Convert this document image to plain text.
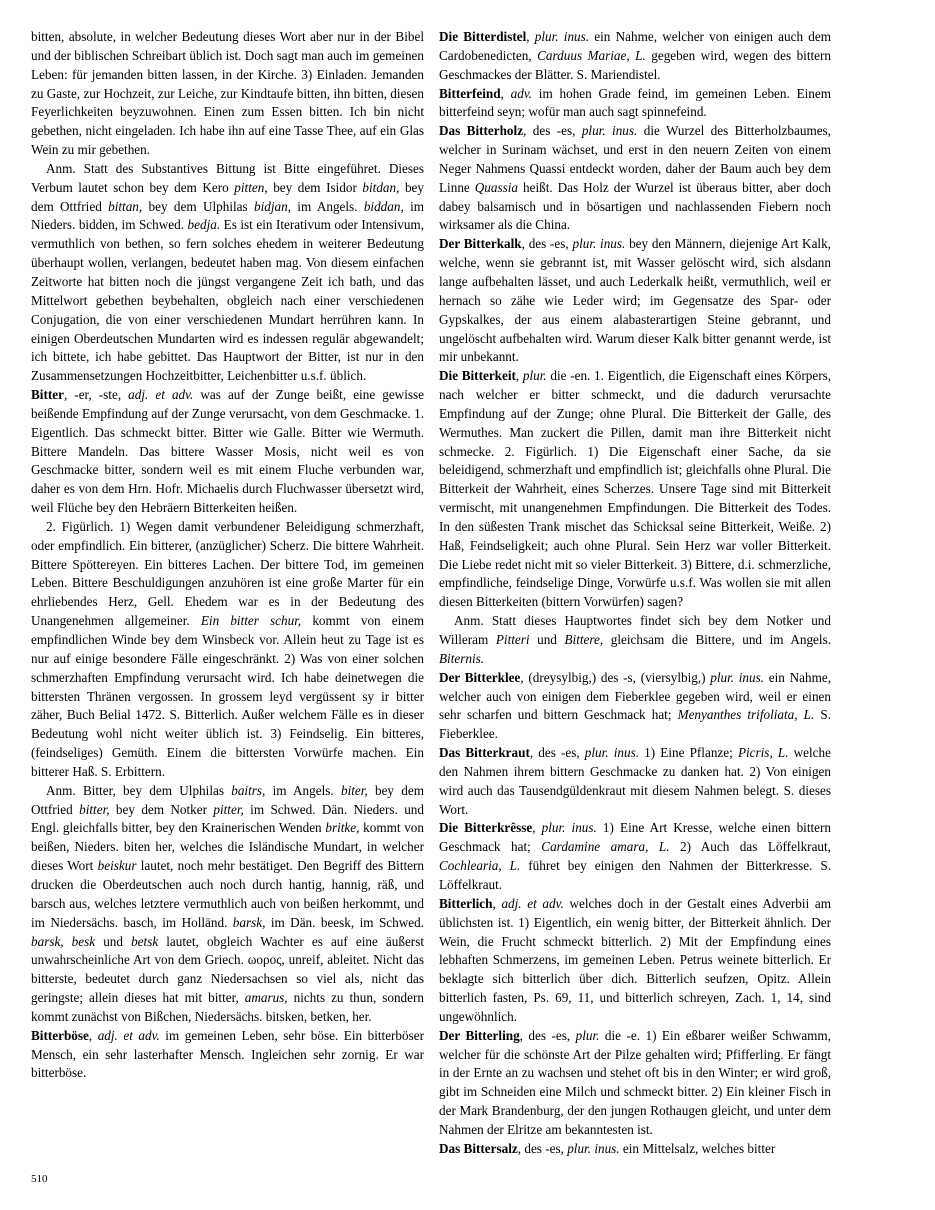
bitten, absolute, in welcher Bedeutung dieses Wort aber nur in der Bibel und der biblischen Schreibart üblich ist. Doch sagt man auch im gemeinen Leben: für jemanden bitten lassen, in der Kirche. 3) Einladen. Jemanden zu Gaste, zur Hochzeit, zur Leiche, zur Kindtaufe bitten, ihn bitten, diesen Feyerlichkeiten beyzuwohnen. Einen zum Essen bitten. Ich bin nicht gebethen, nicht eingeladen. Ich habe ihn auf eine Tasse Thee, auf ein Glas Wein zu mir gebethen.
Anm. Statt des Substantives Bittung ist Bitte eingeführet. Dieses Verbum lautet schon bey dem Kero pitten, bey dem Isidor bitdan, bey dem Ottfried bittan, bey dem Ulphilas bidjan, im Angels. biddan, im Nieders. bidden, im Schwed. bedja. Es ist ein Iterativum oder Intensivum, vermuthlich von bethen, so fern solches ehedem in weiterer Bedeutung überhaupt wollen, verlangen, bedeutet haben mag. Von diesem einfachen Zeitworte hat bitten noch die jüngst vergangene Zeit ich bath, und das Mittelwort gebethen beybehalten, obgleich nach einer verschiedenen Conjugation, die von einer verschiedenen Mundart herrühren kann. In einigen Oberdeutschen Mundarten wird es indessen regulär abgewandelt; ich bittete, ich habe gebittet. Das Hauptwort der Bitter, ist nur in den Zusammensetzungen Hochzeitbitter, Leichenbitter u.s.f. üblich.
Bitter, -er, -ste, adj. et adv. was auf der Zunge beißt, eine gewisse beißende Empfindung auf der Zunge verursacht, von dem Geschmacke. 1. Eigentlich. Das schmeckt bitter. Bitter wie Galle. Bitter wie Wermuth. Bittere Mandeln. Das bittere Wasser Mosis, nicht weil es von Geschmacke bitter, sondern weil es mit einem Fluche verbunden war, daher es von dem Hrn. Hofr. Michaelis durch Fluchwasser übersetzt wird, weil Flüche bey den Hebräern Bitterkeiten heißen.
2. Figürlich. 1) Wegen damit verbundener Beleidigung schmerzhaft, oder empfindlich. Ein bitterer, (anzüglicher) Scherz. Die bittere Wahrheit. Bittere Spöttereyen. Ein bitteres Lachen. Der bittere Tod, im gemeinen Leben. Bittere Beschuldigungen anzuhören ist eine große Marter für ein ehrliebendes Herz, Gell. Ehedem war es in der Bedeutung des Unangenehmen allgemeiner. Ein bitter schur, kommt von einem empfindlichen Winde bey dem Winsbeck vor. Allein heut zu Tage ist es nur auf einige besondere Fälle eingeschränkt. 2) Was von einer solchen schmerzhaften Empfindung verursacht wird. Ich habe deinetwegen die bittersten Thränen vergossen. In grossem leyd vergüssent sy ir bitter zäher, Buch Belial 1472. S. Bitterlich. Außer welchem Fälle es in dieser Bedeutung wohl nicht weiter üblich ist. 3) Feindselig. Ein bitteres, (feindseliges) Gemüth. Einem die bittersten Vorwürfe machen. Ein bitterer Haß. S. Erbittern.
Anm. Bitter, bey dem Ulphilas baitrs, im Angels. biter, bey dem Ottfried bitter, bey dem Notker pitter, im Schwed. Dän. Nieders. und Engl. gleichfalls bitter, bey den Krainerischen Wenden britke, kommt von beißen, Nieders. biten her, welches die Isländische Mundart, in welcher dieses Wort beiskur lautet, noch mehr bestätiget. Den Begriff des Bittern drucken die Oberdeutschen auch noch durch hantig, hannig, räß, und barsch aus, welches letztere vermuthlich auch von beißen herkommt, und im Niedersächs. basch, im Holländ. barsk, im Dän. beesk, im Schwed. barsk, besk und betsk lautet, obgleich Wachter es auf eine äußerst unwahrscheinliche Art von dem Griech. ωορος, unreif, ableitet. Nicht das bitterste, bedeutet durch ganz Niedersachsen so viel als, nicht das geringste; allein dieses hat mit bitter, amarus, nichts zu thun, sondern kommt zunächst von Bißchen, Niedersächs. bitsken, betken, her.
Bitterböse, adj. et adv. im gemeinen Leben, sehr böse. Ein bitterböser Mensch, ein sehr lasterhafter Mensch. Ingleichen sehr zornig. Er war bitterböse.
Die Bitterdistel, plur. inus. ein Nahme, welcher von einigen auch dem Cardobenedicten, Carduus Mariae, L. gegeben wird, wegen des bittern Geschmackes der Blätter. S. Mariendistel.
Bitterfeind, adv. im hohen Grade feind, im gemeinen Leben. Einem bitterfeind seyn; wofür man auch sagt spinnefeind.
Das Bitterholz, des -es, plur. inus. die Wurzel des Bitterholzbaumes, welcher in Surinam wächset, und erst in den neuern Zeiten von einem Neger Nahmens Quassi entdeckt worden, daher der Baum auch bey dem Linne Quassia heißt. Das Holz der Wurzel ist überaus bitter, aber doch dabey balsamisch und in bösartigen und nachlassenden Fiebern noch wirksamer als die China.
Der Bitterkalk, des -es, plur. inus. bey den Männern, diejenige Art Kalk, welche, wenn sie gebrannt ist, mit Wasser gelöscht wird, sich alsdann lange aufbehalten lässet, und auch Lederkalk heißt, vermuthlich, weil er hernach so zähe wie Leder wird; im Gegensatze des Spar- oder Gypskalkes, der aus einem alabasterartigen Steine gebrannt, und ungelöscht aufbehalten wird. Warum dieser Kalk bitter genannt werde, ist mir unbekannt.
Die Bitterkeit, plur. die -en. 1. Eigentlich, die Eigenschaft eines Körpers, nach welcher er bitter schmeckt, und die dadurch verursachte Empfindung auf der Zunge; ohne Plural. Die Bitterkeit der Galle, des Wermuthes. Man zuckert die Pillen, damit man ihre Bitterkeit nicht schmecke. 2. Figürlich. 1) Die Eigenschaft einer Sache, da sie beleidigend, schmerzhaft und empfindlich ist; gleichfalls ohne Plural. Die Bitterkeit der Wahrheit, eines Scherzes. Unsere Tage sind mit Bitterkeit vermischt, mit unangenehmen Empfindungen. Die Bitterkeit des Todes. In den süßesten Trank mischet das Schicksal seine Bitterkeit, Weiße. 2) Haß, Feindseligkeit; auch ohne Plural. Sein Herz war voller Bitterkeit. Die Liebe redet nicht mit so vieler Bitterkeit. 3) Bittere, d.i. schmerzliche, empfindliche, feindselige Dinge, Vorwürfe u.s.f. Was wollen sie mit allen diesen Bitterkeiten (bittern Vorwürfen) sagen?
Anm. Statt dieses Hauptwortes findet sich bey dem Notker und Willeram Pitteri und Bittere, gleichsam die Bittere, und im Angels. Biternis.
Der Bitterklee, (dreysylbig,) des -s, (viersylbig,) plur. inus. ein Nahme, welcher auch von einigen dem Fieberklee gegeben wird, weil er einen sehr scharfen und bittern Geschmack hat; Menyanthes trifoliata, L. S. Fieberklee.
Das Bitterkraut, des -es, plur. inus. 1) Eine Pflanze; Picris, L. welche den Nahmen ihrem bittern Geschmacke zu danken hat. 2) Von einigen wird auch das Tausendgüldenkraut mit diesem Nahmen belegt. S. dieses Wort.
Die Bitterkrêsse, plur. inus. 1) Eine Art Kresse, welche einen bittern Geschmack hat; Cardamine amara, L. 2) Auch das Löffelkraut, Cochlearia, L. führet bey einigen den Nahmen der Bitterkresse. S. Löffelkraut.
Bitterlich, adj. et adv. welches doch in der Gestalt eines Adverbii am üblichsten ist. 1) Eigentlich, ein wenig bitter, der Bitterkeit ähnlich. Der Wein, die Frucht schmeckt bitterlich. 2) Mit der Empfindung eines lebhaften Schmerzens, im gemeinen Leben. Petrus weinete bitterlich. Er beklagte sich bitterlich über dich. Bitterlich seufzen, Opitz. Allein bitterlich fasten, Ps. 69, 11, und bitterlich schreyen, Zach. 1, 14, sind ungewöhnlich.
Der Bitterling, des -es, plur. die -e. 1) Ein eßbarer weißer Schwamm, welcher für die schönste Art der Pilze gehalten wird; Pfifferling. Er fängt in der Ernte an zu wachsen und stehet oft bis in den Winter; er wird groß, gibt im Schneiden eine Milch und schmeckt bitter. 2) Ein kleiner Fisch in der Mark Brandenburg, der den jungen Rothaugen gleicht, und unter dem Nahmen der Elritze am bekanntesten ist.
Das Bittersalz, des -es, plur. inus. ein Mittelsalz, welches bitter
510
